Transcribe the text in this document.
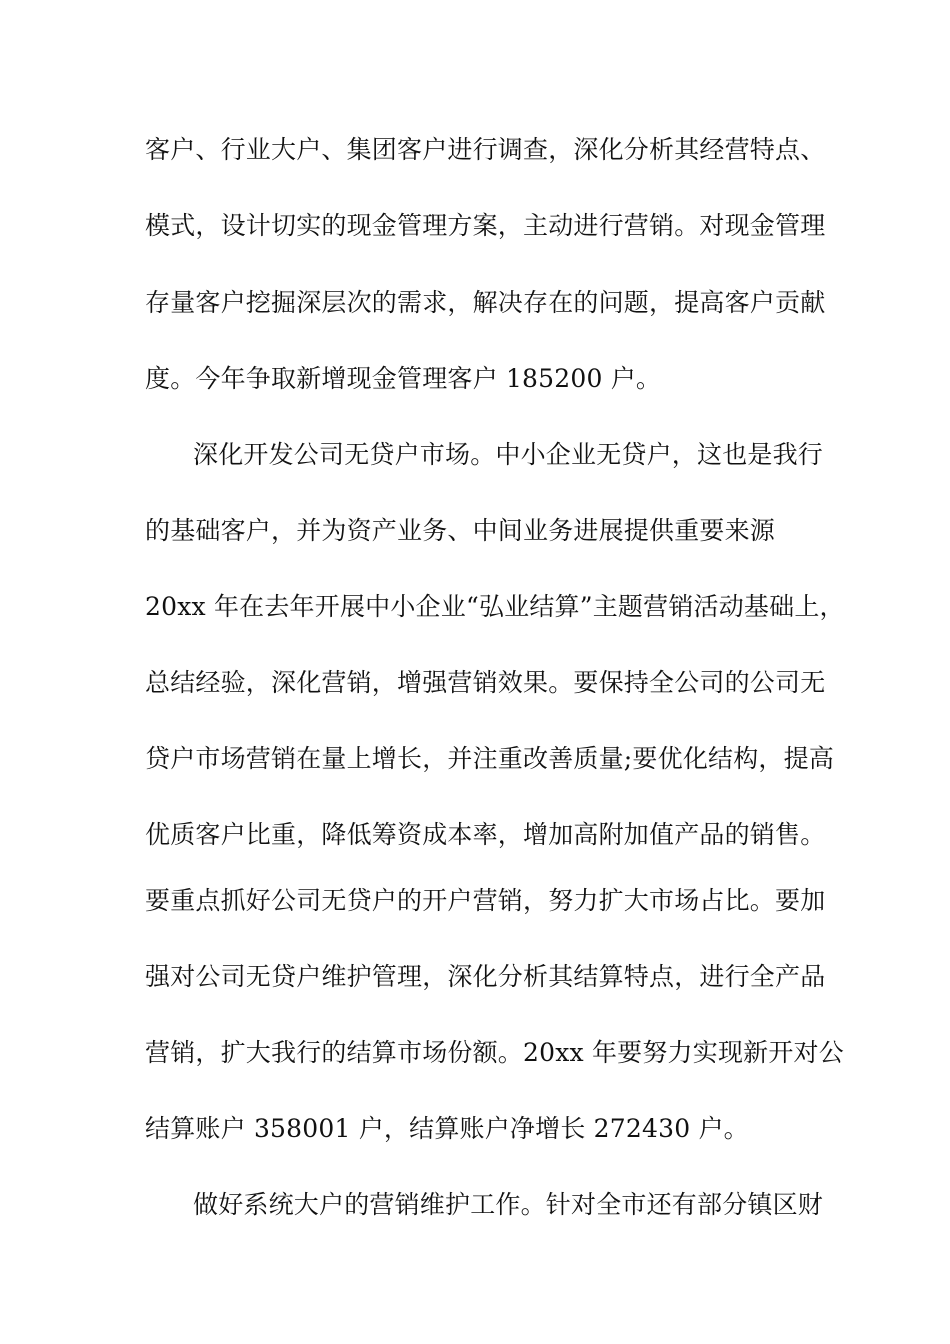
客户、行业大户、集团客户进行调查，深化分析其经营特点、

模式，设计切实的现金管理方案，主动进行营销。对现金管理

存量客户挖掘深层次的需求，解决存在的问题，提高客户贡献

度。今年争取新增现金管理客户 185200 户。

深化开发公司无贷户市场。中小企业无贷户，这也是我行

的基础客户，并为资产业务、中间业务进展提供重要来源

20xx 年在去年开展中小企业“弘业结算”主题营销活动基础上，

总结经验，深化营销，增强营销效果。要保持全公司的公司无

贷户市场营销在量上增长，并注重改善质量;要优化结构，提高

优质客户比重，降低筹资成本率，增加高附加值产品的销售。

要重点抓好公司无贷户的开户营销，努力扩大市场占比。要加

强对公司无贷户维护管理，深化分析其结算特点，进行全产品

营销，扩大我行的结算市场份额。20xx 年要努力实现新开对公

结算账户 358001 户，结算账户净增长 272430 户。

做好系统大户的营销维护工作。针对全市还有部分镇区财
